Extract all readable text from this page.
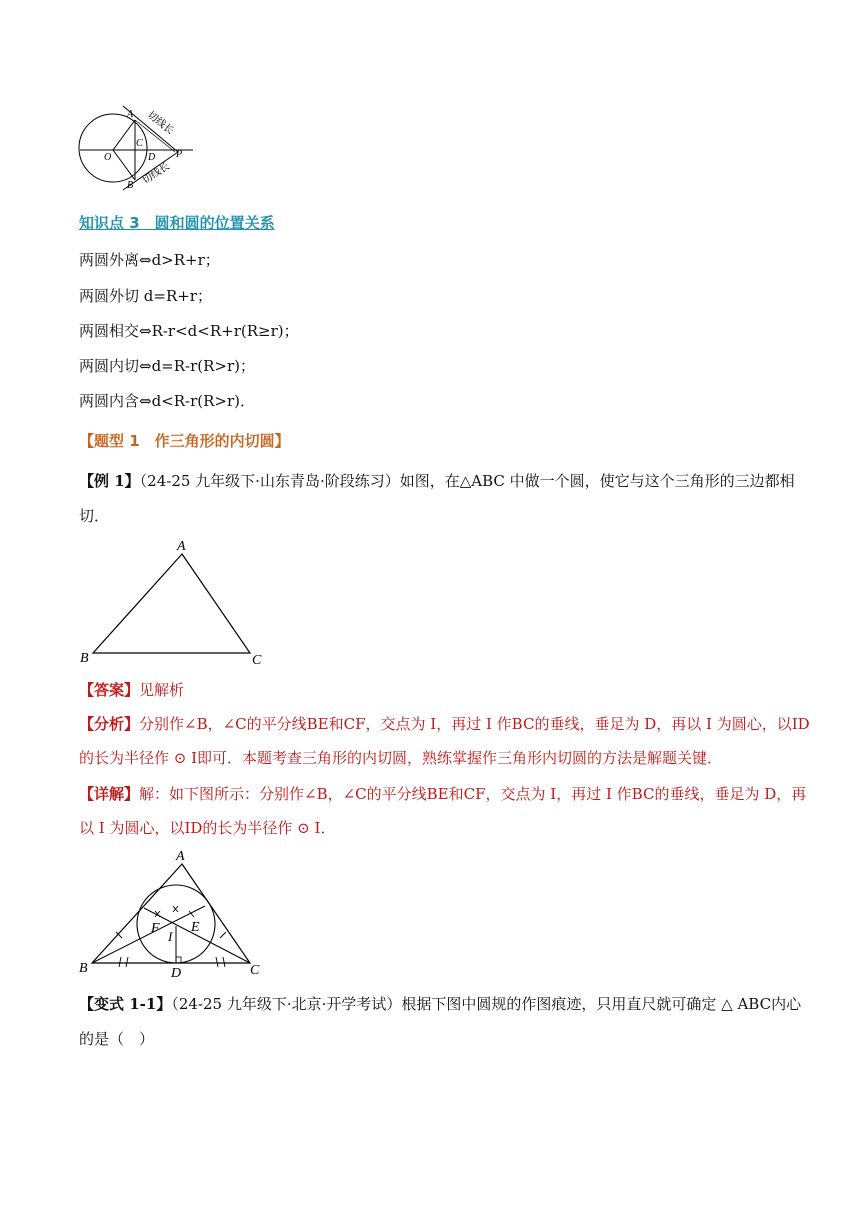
A
B
C
D
O	P
切线长
切线长
知识点 3　圆和圆的位置关系
两圆外离⇔d>R+r；
两圆外切 d=R+r；
两圆相交⇔R-r<d<R+r(R≥r)；
两圆内切⇔d=R-r(R>r)；
两圆内含⇔d<R-r(R>r)．
【题型 1　作三角形的内切圆】
【例 1】（24-25 九年级下·山东青岛·阶段练习）如图，在△ABC 中做一个圆，使它与这个三角形的三边都相
切．
A
B	C
【答案】见解析
【分析】分别作∠B，∠C的平分线BE和CF，交点为 I，再过 I 作BC的垂线，垂足为 D，再以 I 为圆心，以ID
的长为半径作 ⊙ I即可．本题考查三角形的内切圆，熟练掌握作三角形内切圆的方法是解题关键．
【详解】解：如下图所示：分别作∠B，∠C的平分线BE和CF，交点为 I，再过 I 作BC的垂线，垂足为 D，再
以 I 为圆心，以ID的长为半径作 ⊙ I．
A
B	C
D
E
F
I
【变式 1-1】（24-25 九年级下·北京·开学考试）根据下图中圆规的作图痕迹，只用直尺就可确定 △ ABC内心
的是（　）
